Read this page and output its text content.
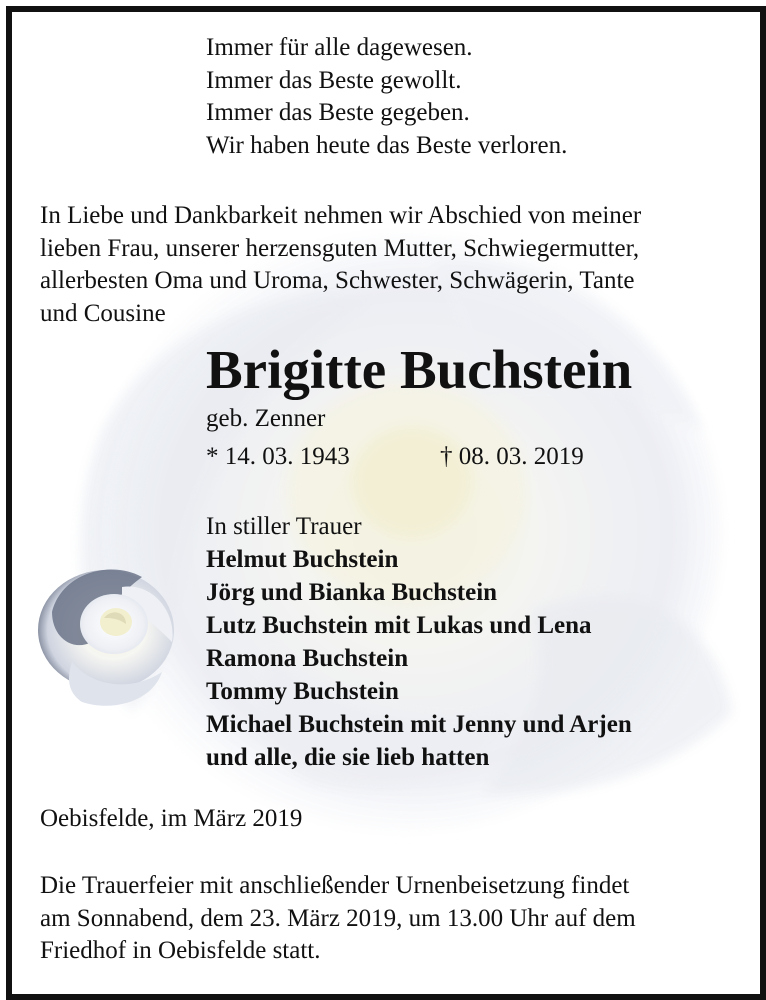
Immer für alle dagewesen.
Immer das Beste gewollt.
Immer das Beste gegeben.
Wir haben heute das Beste verloren.
In Liebe und Dankbarkeit nehmen wir Abschied von meiner
lieben Frau, unserer herzensguten Mutter, Schwiegermutter,
allerbesten Oma und Uroma, Schwester, Schwägerin, Tante
und Cousine
Brigitte Buchstein
geb. Zenner
* 14. 03. 1943	† 08. 03. 2019
In stiller Trauer
Helmut Buchstein
Jörg und Bianka Buchstein
Lutz Buchstein mit Lukas und Lena
Ramona Buchstein
Tommy Buchstein
Michael Buchstein mit Jenny und Arjen
und alle, die sie lieb hatten
Oebisfelde, im März 2019
Die Trauerfeier mit anschließender Urnenbeisetzung findet
am Sonnabend, dem 23. März 2019, um 13.00 Uhr auf dem
Friedhof in Oebisfelde statt.
